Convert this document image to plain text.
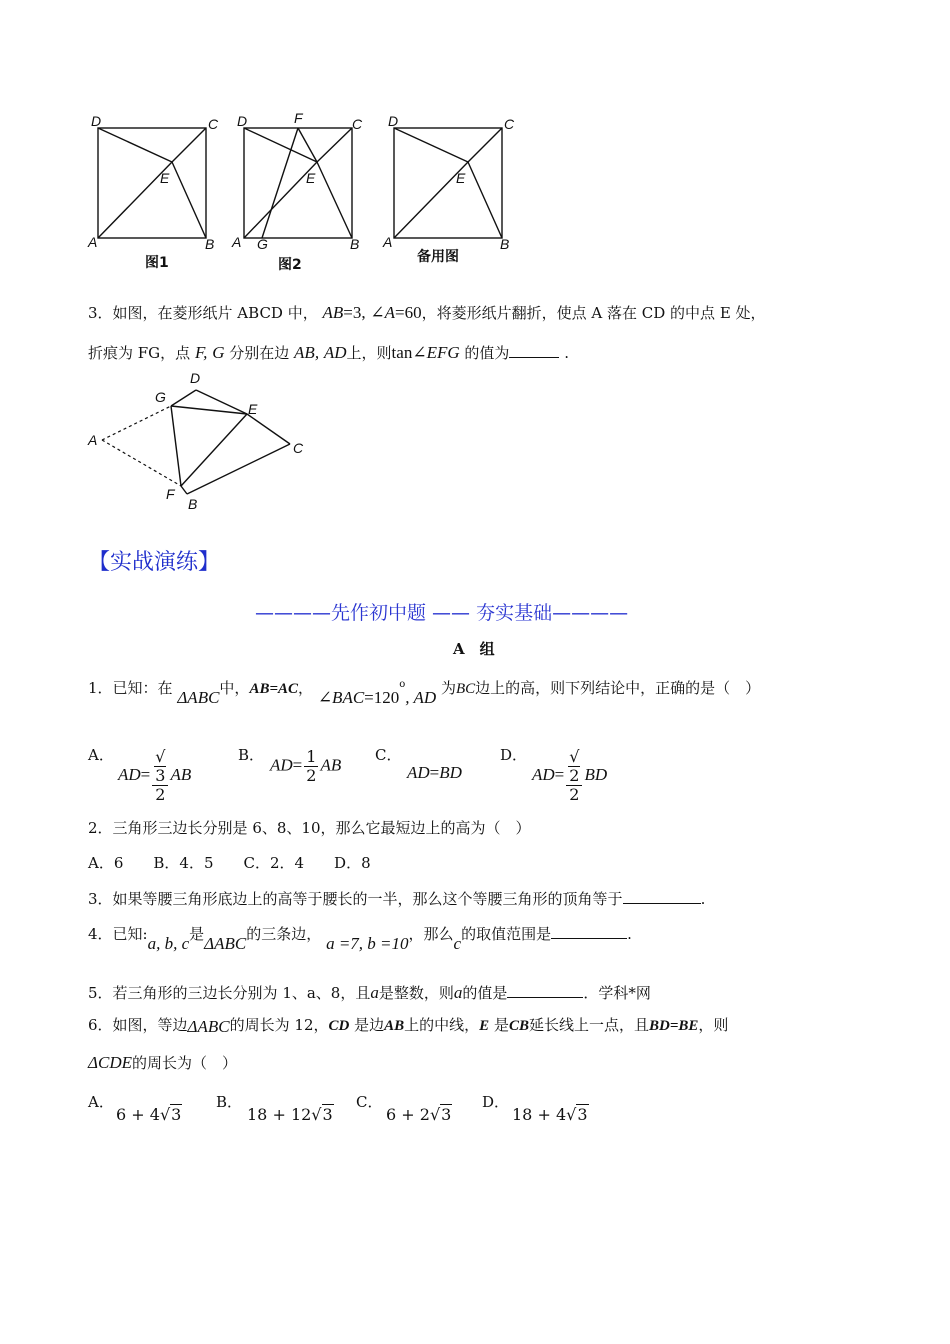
D	C
E
A	B
图1
D	F	C
E
A G	B
图2
D	C
E
A	B
备用图
3．如图，在菱形纸片 ABCD 中， AB=3, ∠A=60，将菱形纸片翻折，使点 A 落在 CD 的中点 E 处，
折痕为 FG，点 F, G 分别在边 AB, AD上，则tan∠EFG 的值为	.
D
G
E
A	C
F
B
【实战演练】
————先作初中题 —— 夯实基础————
A　组
1．已知：在 ΔABC中，AB=AC， $\angle BAC=120^o$, AD 为BC边上的高，则下列结论中，正确的是（　）
A．
AD= √
3
2 AB
B．
$AD= \frac{1}{2}$ AB
C．
AD=BD
D．
AD= √
2
2 BD
2．三角形三边长分别是 6、8、10，那么它最短边上的高为（　）
A．6　　B．4．5　　C．2．4　　D．8
3．如果等腰三角形底边上的高等于腰长的一半，那么这个等腰三角形的顶角等于	.
4．已知:a, b, c是ΔABC的三条边， a =7, b =10，那么c的取值范围是	.
5．若三角形的三边长分别为 1、a、8，且a是整数，则a的值是	．学科*网
6．如图，等边ΔABC的周长为 12，CD 是边AB上的中线，E 是CB延长线上一点，且BD=BE，则
ΔCDE的周长为（　）
A．
6 + 4√3
B．
18 + 12√3
C．
6 + 2√3
D．
18 + 4√3
